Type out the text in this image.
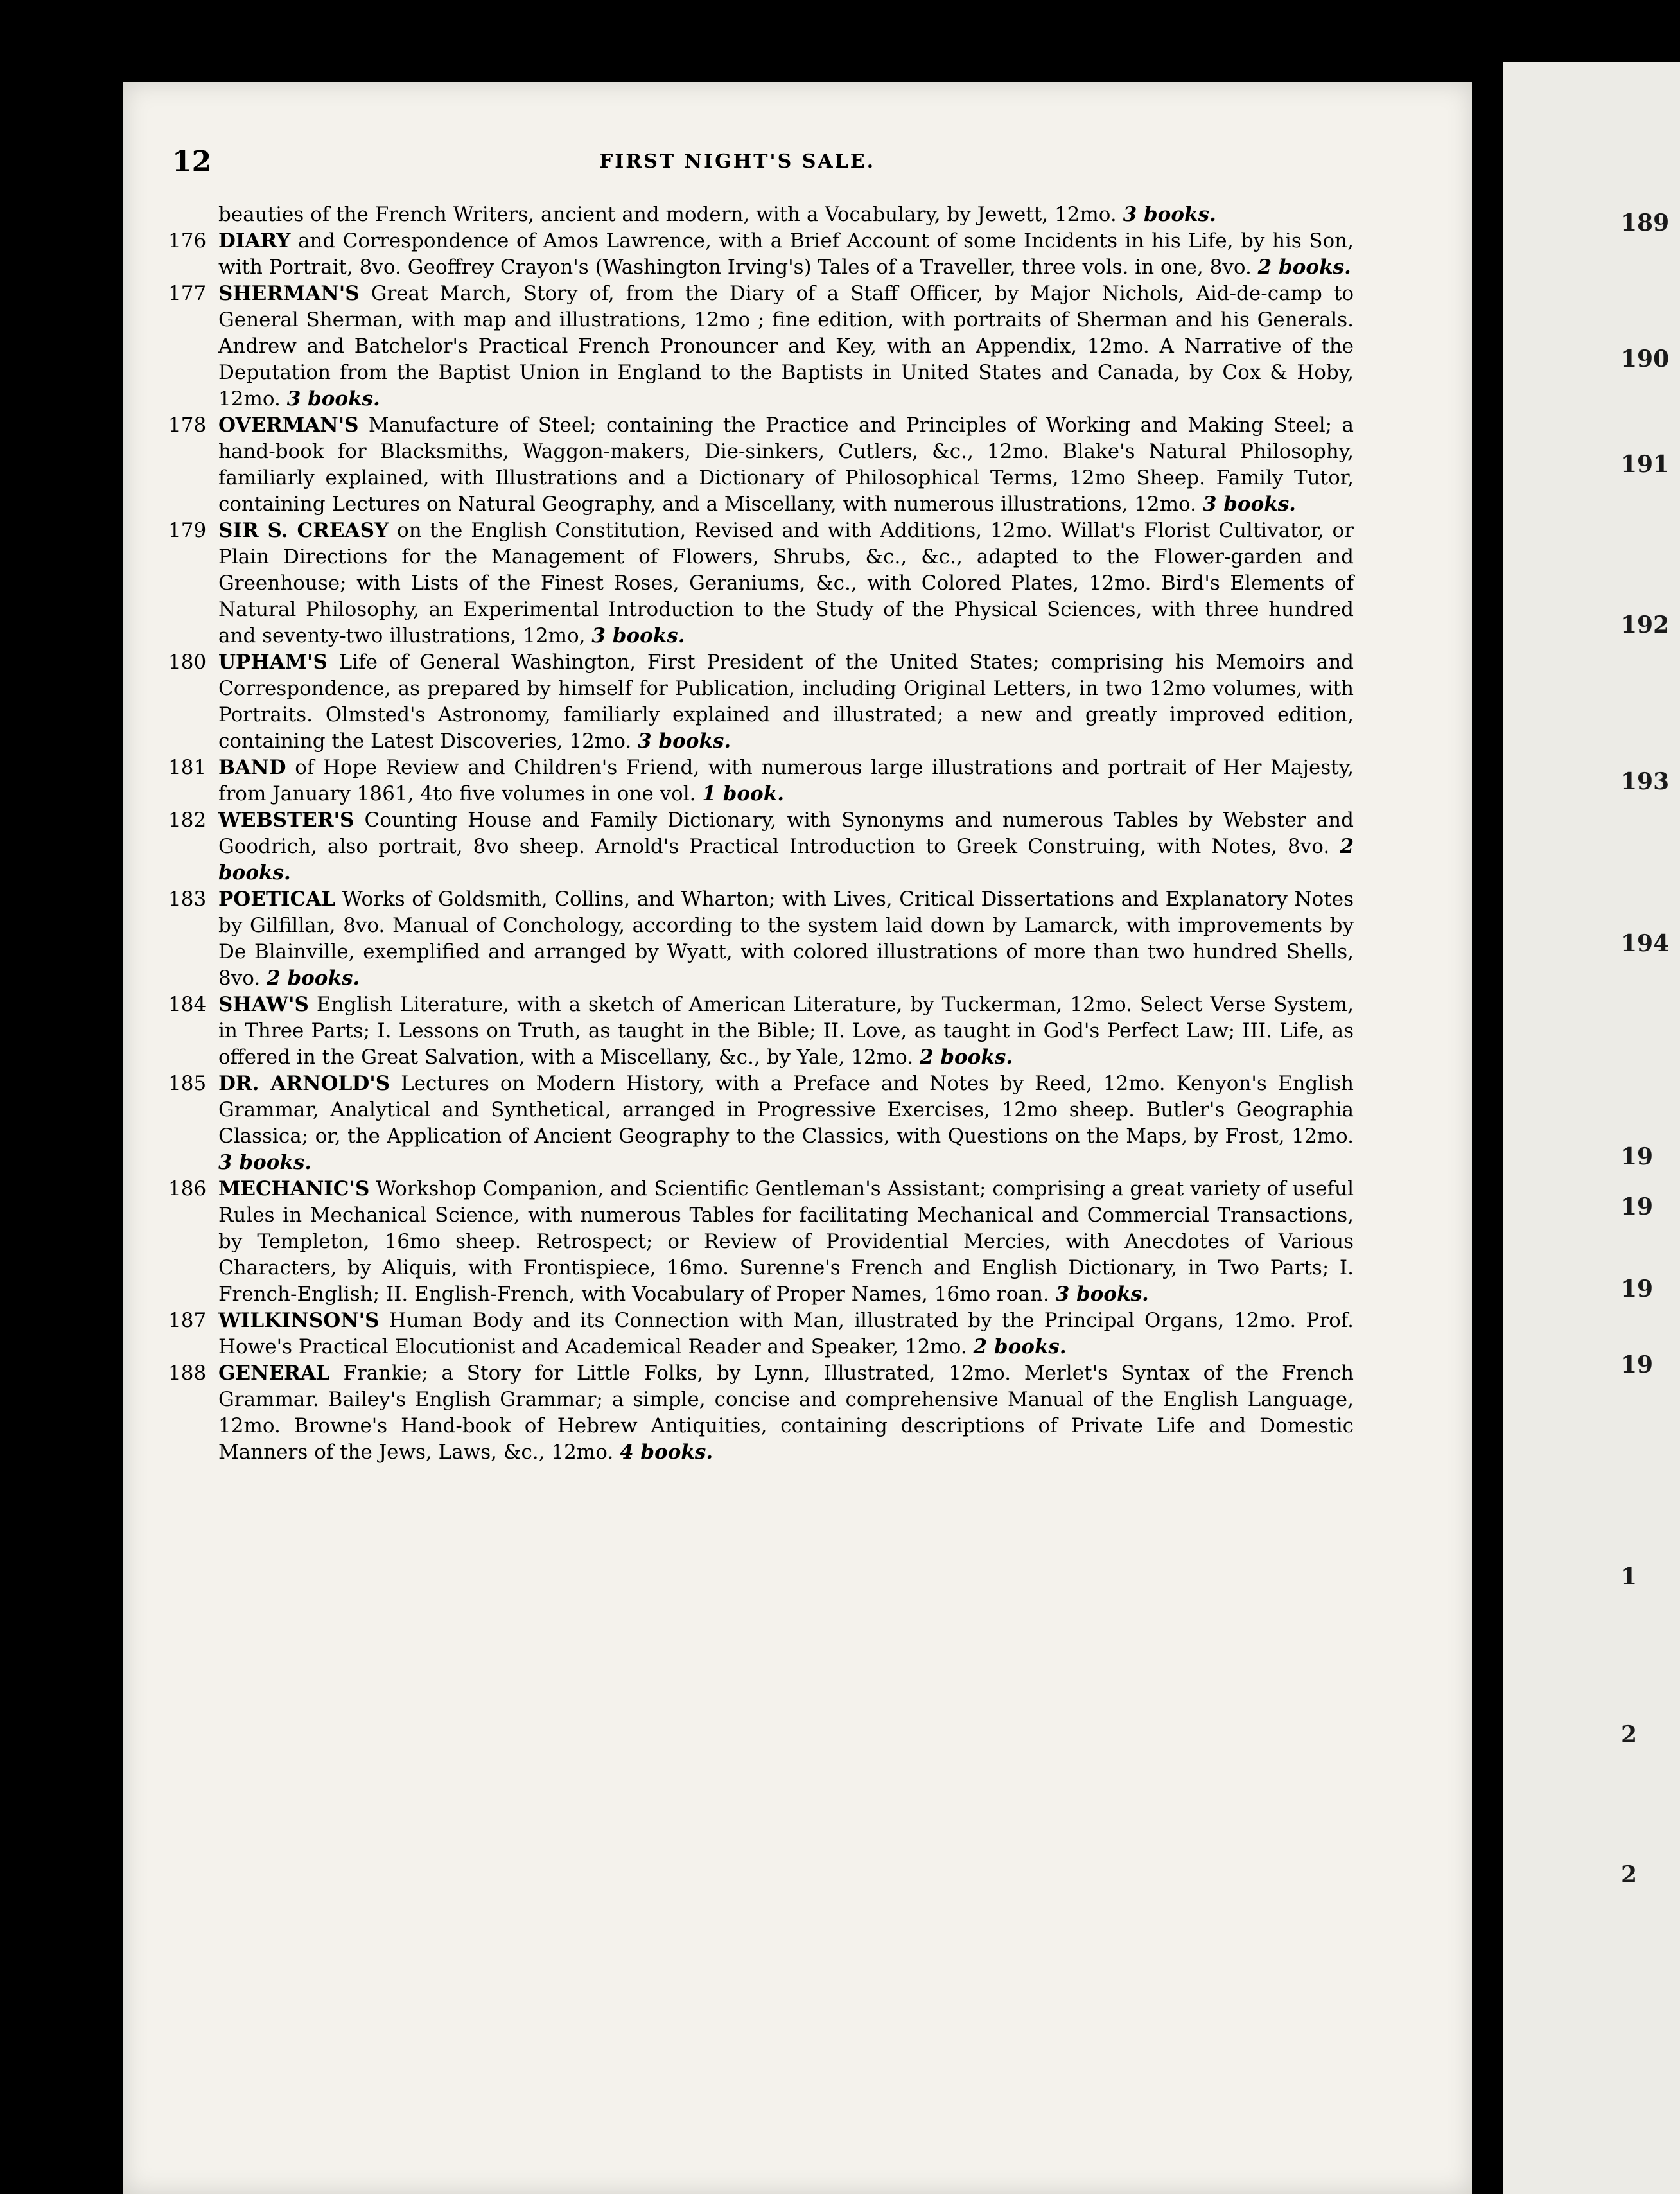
189
190
191
192
193
194
19
19
19
19
1
2
2
12	FIRST NIGHT'S SALE.

beauties of the French Writers, ancient and modern, with a Vocabulary, by Jewett, 12mo. 3 books.

176 DIARY and Correspondence of Amos Lawrence, with a Brief Account of some Incidents in his Life, by his Son, with Portrait, 8vo. Geoffrey Crayon's (Washington Irving's) Tales of a Traveller, three vols. in one, 8vo. 2 books.

177 SHERMAN'S Great March, Story of, from the Diary of a Staff Officer, by Major Nichols, Aid-de-camp to General Sherman, with map and illustrations, 12mo ; fine edition, with portraits of Sherman and his Generals. Andrew and Batchelor's Practical French Pronouncer and Key, with an Appendix, 12mo. A Narrative of the Deputation from the Baptist Union in England to the Baptists in United States and Canada, by Cox & Hoby, 12mo. 3 books.

178 OVERMAN'S Manufacture of Steel; containing the Practice and Principles of Working and Making Steel; a hand-book for Blacksmiths, Waggon-makers, Die-sinkers, Cutlers, &c., 12mo. Blake's Natural Philosophy, familiarly explained, with Illustrations and a Dictionary of Philosophical Terms, 12mo Sheep. Family Tutor, containing Lectures on Natural Geography, and a Miscellany, with numerous illustrations, 12mo. 3 books.

179 SIR S. CREASY on the English Constitution, Revised and with Additions, 12mo. Willat's Florist Cultivator, or Plain Directions for the Management of Flowers, Shrubs, &c., &c., adapted to the Flower-garden and Greenhouse; with Lists of the Finest Roses, Geraniums, &c., with Colored Plates, 12mo. Bird's Elements of Natural Philosophy, an Experimental Introduction to the Study of the Physical Sciences, with three hundred and seventy-two illustrations, 12mo, 3 books.

180 UPHAM'S Life of General Washington, First President of the United States; comprising his Memoirs and Correspondence, as prepared by himself for Publication, including Original Letters, in two 12mo volumes, with Portraits. Olmsted's Astronomy, familiarly explained and illustrated; a new and greatly improved edition, containing the Latest Discoveries, 12mo. 3 books.

181 BAND of Hope Review and Children's Friend, with numerous large illustrations and portrait of Her Majesty, from January 1861, 4to five volumes in one vol. 1 book.

182 WEBSTER'S Counting House and Family Dictionary, with Synonyms and numerous Tables by Webster and Goodrich, also portrait, 8vo sheep. Arnold's Practical Introduction to Greek Construing, with Notes, 8vo. 2 books.

183 POETICAL Works of Goldsmith, Collins, and Wharton; with Lives, Critical Dissertations and Explanatory Notes by Gilfillan, 8vo. Manual of Conchology, according to the system laid down by Lamarck, with improvements by De Blainville, exemplified and arranged by Wyatt, with colored illustrations of more than two hundred Shells, 8vo. 2 books.

184 SHAW'S English Literature, with a sketch of American Literature, by Tuckerman, 12mo. Select Verse System, in Three Parts; I. Lessons on Truth, as taught in the Bible; II. Love, as taught in God's Perfect Law; III. Life, as offered in the Great Salvation, with a Miscellany, &c., by Yale, 12mo. 2 books.

185 DR. ARNOLD'S Lectures on Modern History, with a Preface and Notes by Reed, 12mo. Kenyon's English Grammar, Analytical and Synthetical, arranged in Progressive Exercises, 12mo sheep. Butler's Geographia Classica; or, the Application of Ancient Geography to the Classics, with Questions on the Maps, by Frost, 12mo. 3 books.

186 MECHANIC'S Workshop Companion, and Scientific Gentleman's Assistant; comprising a great variety of useful Rules in Mechanical Science, with numerous Tables for facilitating Mechanical and Commercial Transactions, by Templeton, 16mo sheep. Retrospect; or Review of Providential Mercies, with Anecdotes of Various Characters, by Aliquis, with Frontispiece, 16mo. Surenne's French and English Dictionary, in Two Parts; I. French-English; II. English-French, with Vocabulary of Proper Names, 16mo roan. 3 books.

187 WILKINSON'S Human Body and its Connection with Man, illustrated by the Principal Organs, 12mo. Prof. Howe's Practical Elocutionist and Academical Reader and Speaker, 12mo. 2 books.

188 GENERAL Frankie; a Story for Little Folks, by Lynn, Illustrated, 12mo. Merlet's Syntax of the French Grammar. Bailey's English Grammar; a simple, concise and comprehensive Manual of the English Language, 12mo. Browne's Hand-book of Hebrew Antiquities, containing descriptions of Private Life and Domestic Manners of the Jews, Laws, &c., 12mo. 4 books.
